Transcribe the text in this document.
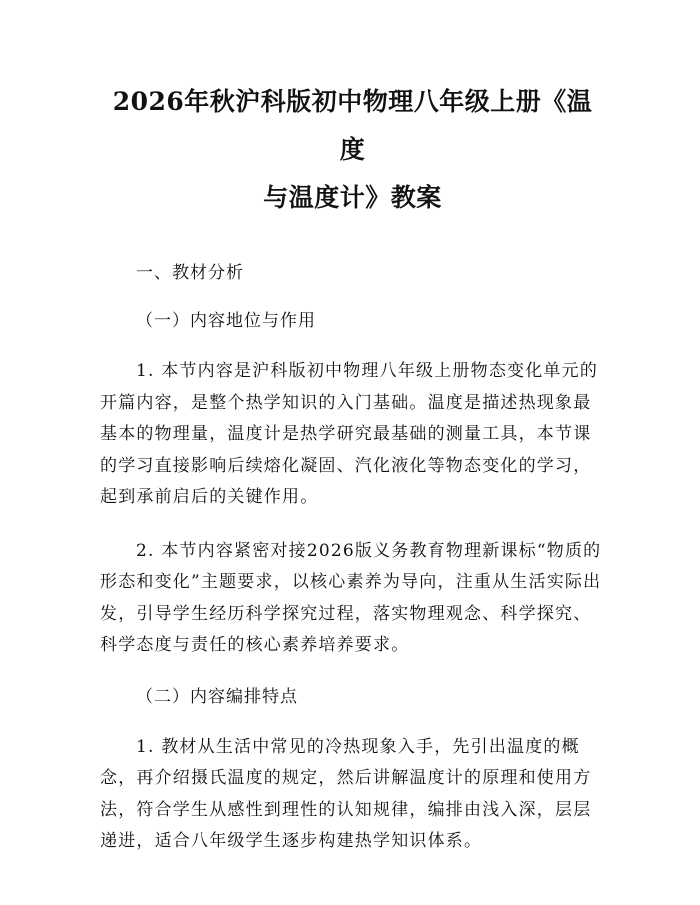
2026年秋沪科版初中物理八年级上册《温度
与温度计》教案
一、教材分析
（一）内容地位与作用

1. 本节内容是沪科版初中物理八年级上册物态变化单元的开篇内容，是整个热学知识的入门基础。温度是描述热现象最基本的物理量，温度计是热学研究最基础的测量工具，本节课的学习直接影响后续熔化凝固、汽化液化等物态变化的学习，起到承前启后的关键作用。

2. 本节内容紧密对接2026版义务教育物理新课标“物质的形态和变化”主题要求，以核心素养为导向，注重从生活实际出发，引导学生经历科学探究过程，落实物理观念、科学探究、科学态度与责任的核心素养培养要求。

（二）内容编排特点

1. 教材从生活中常见的冷热现象入手，先引出温度的概念，再介绍摄氏温度的规定，然后讲解温度计的原理和使用方法，符合学生从感性到理性的认知规律，编排由浅入深，层层递进，适合八年级学生逐步构建热学知识体系。
